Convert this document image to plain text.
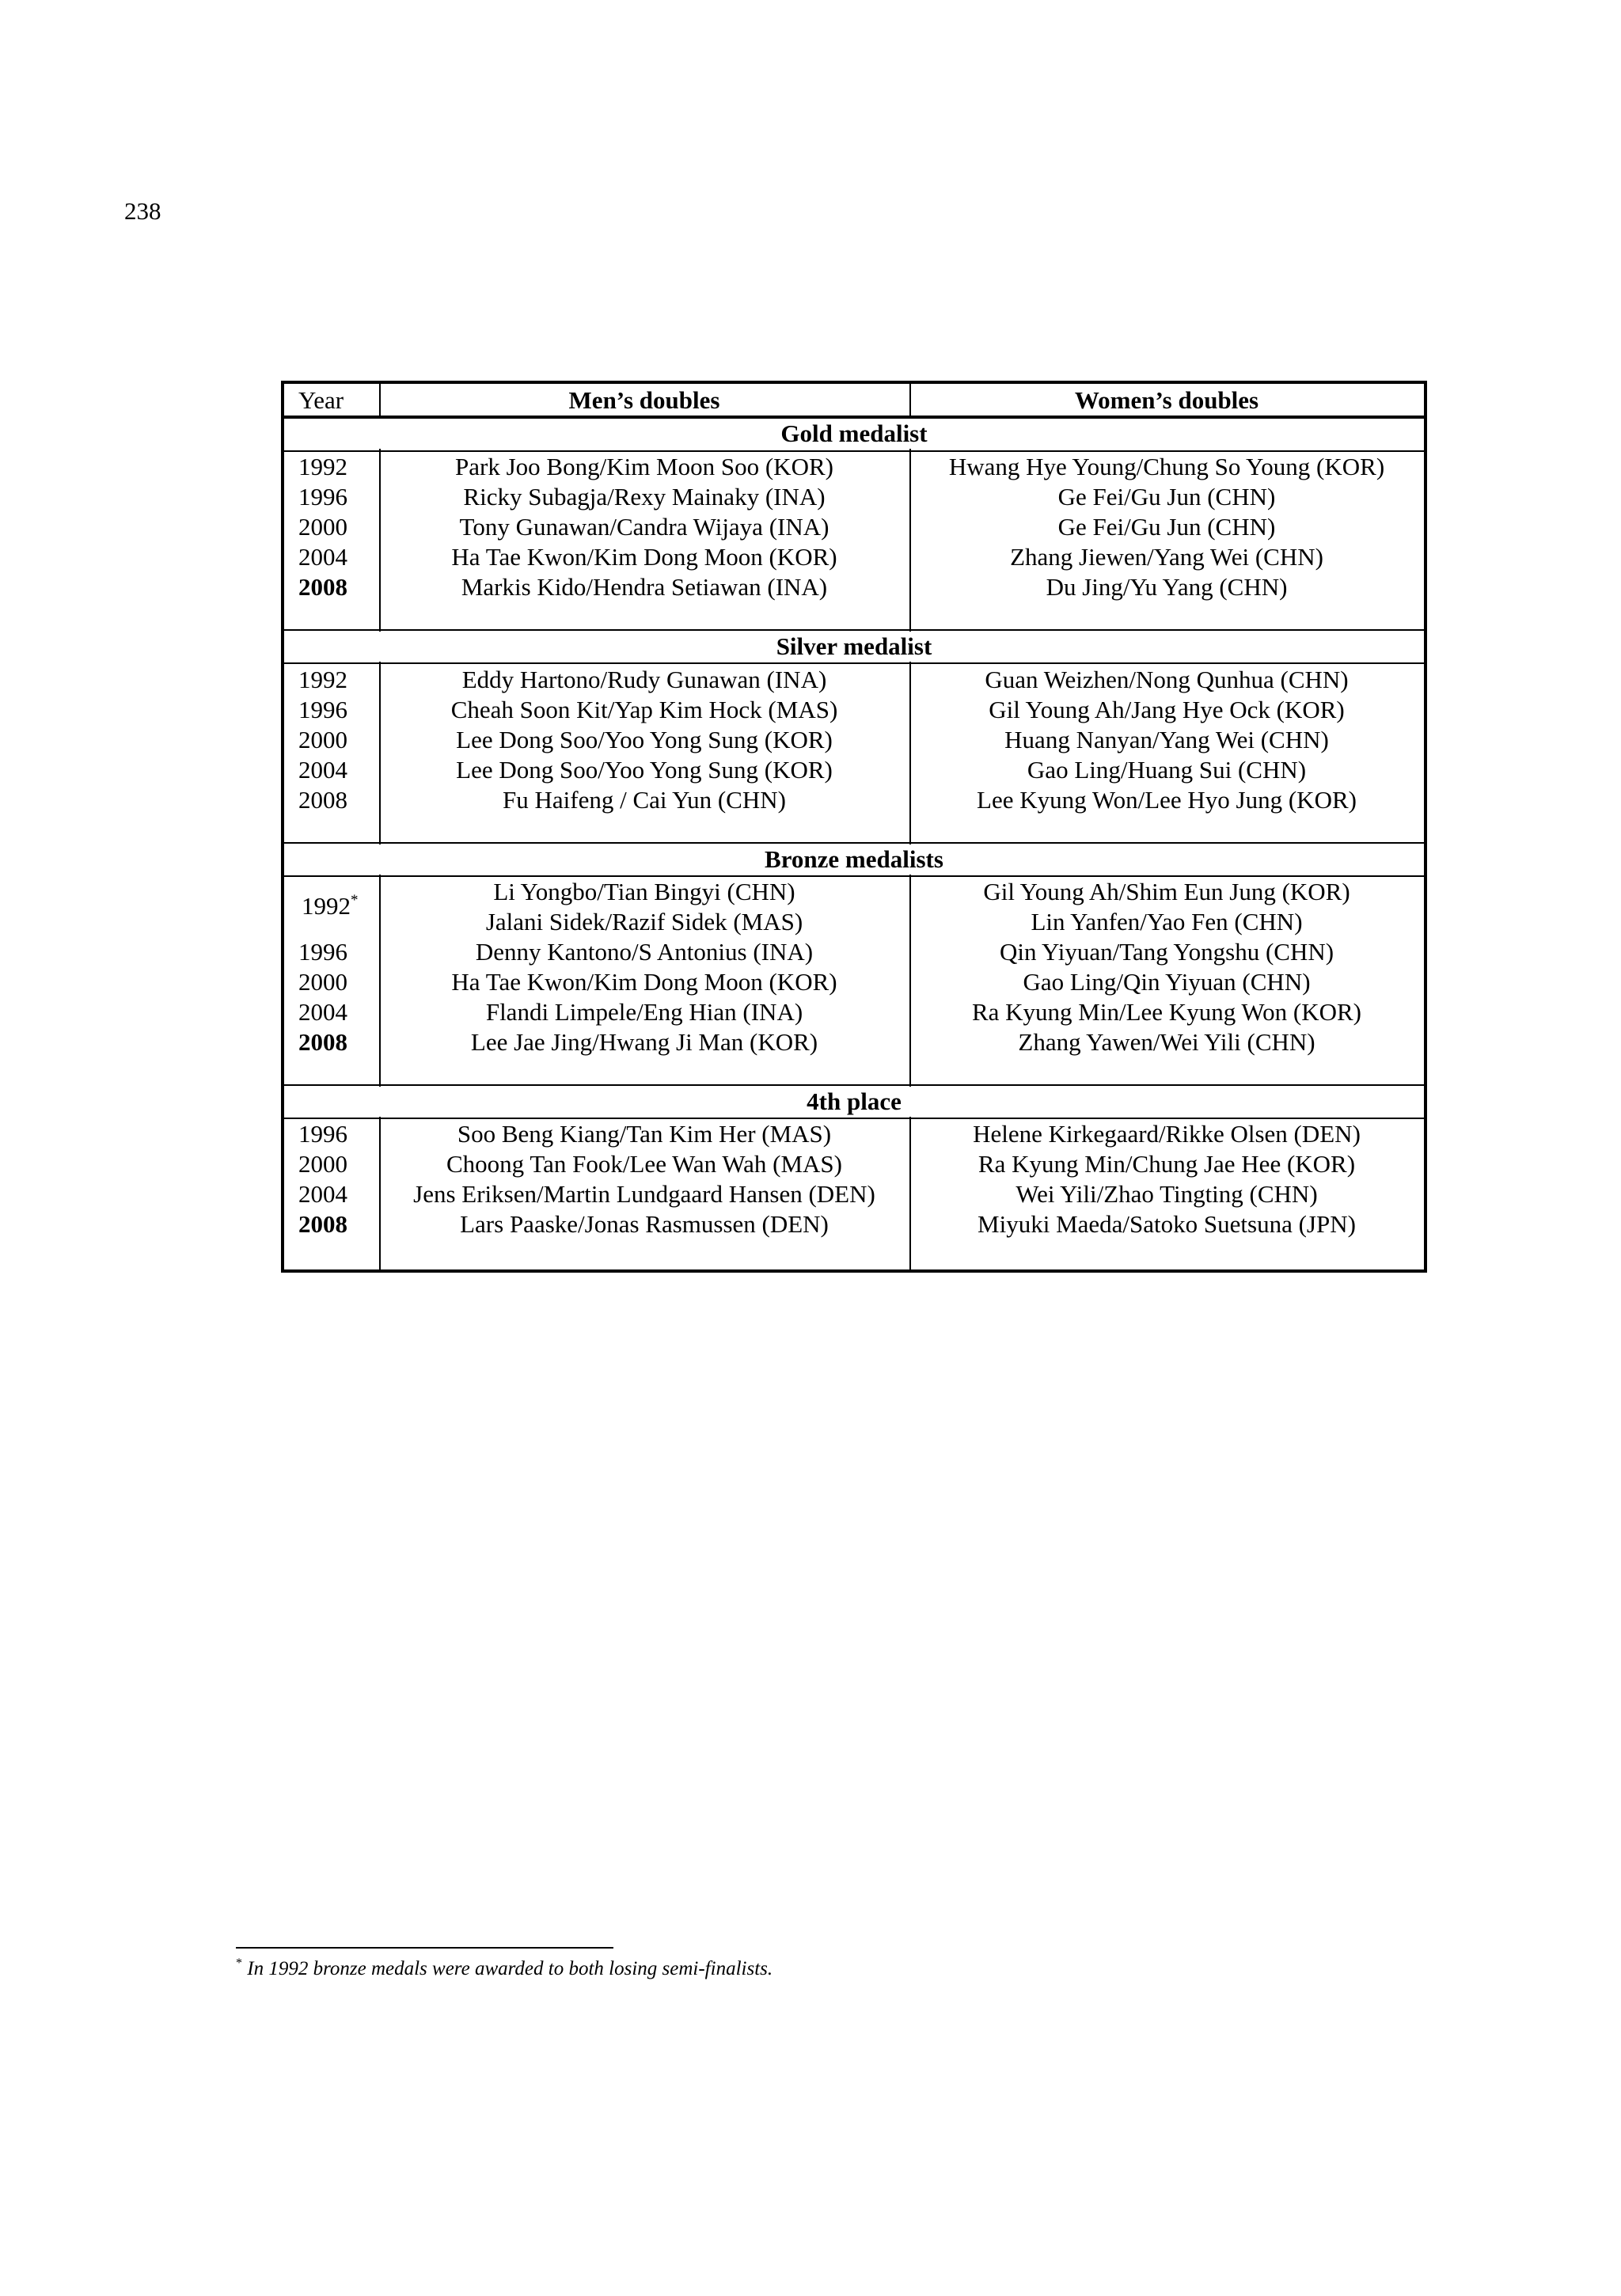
238
Year	Men’s doubles	Women’s doubles
Gold medalist
1992	Park Joo Bong/Kim Moon Soo (KOR)	Hwang Hye Young/Chung So Young (KOR)
1996	Ricky Subagja/Rexy Mainaky (INA)	Ge Fei/Gu Jun (CHN)
2000	Tony Gunawan/Candra Wijaya (INA)	Ge Fei/Gu Jun (CHN)
2004	Ha Tae Kwon/Kim Dong Moon (KOR)	Zhang Jiewen/Yang Wei (CHN)
2008	Markis Kido/Hendra Setiawan (INA)	Du Jing/Yu Yang (CHN)
Silver medalist
1992	Eddy Hartono/Rudy Gunawan (INA)	Guan Weizhen/Nong Qunhua (CHN)
1996	Cheah Soon Kit/Yap Kim Hock (MAS)	Gil Young Ah/Jang Hye Ock (KOR)
2000	Lee Dong Soo/Yoo Yong Sung (KOR)	Huang Nanyan/Yang Wei (CHN)
2004	Lee Dong Soo/Yoo Yong Sung (KOR)	Gao Ling/Huang Sui (CHN)
2008	Fu Haifeng / Cai Yun (CHN)	Lee Kyung Won/Lee Hyo Jung (KOR)
Bronze medalists
1992*	Li Yongbo/Tian Bingyi (CHN)	Gil Young Ah/Shim Eun Jung (KOR)
Jalani Sidek/Razif Sidek (MAS)	Lin Yanfen/Yao Fen (CHN)
1996	Denny Kantono/S Antonius (INA)	Qin Yiyuan/Tang Yongshu (CHN)
2000	Ha Tae Kwon/Kim Dong Moon (KOR)	Gao Ling/Qin Yiyuan (CHN)
2004	Flandi Limpele/Eng Hian (INA)	Ra Kyung Min/Lee Kyung Won (KOR)
2008	Lee Jae Jing/Hwang Ji Man (KOR)	Zhang Yawen/Wei Yili (CHN)
4th place
1996	Soo Beng Kiang/Tan Kim Her (MAS)	Helene Kirkegaard/Rikke Olsen (DEN)
2000	Choong Tan Fook/Lee Wan Wah (MAS)	Ra Kyung Min/Chung Jae Hee (KOR)
2004	Jens Eriksen/Martin Lundgaard Hansen (DEN)	Wei Yili/Zhao Tingting (CHN)
2008	Lars Paaske/Jonas Rasmussen (DEN)	Miyuki Maeda/Satoko Suetsuna (JPN)
* In 1992 bronze medals were awarded to both losing semi-finalists.
